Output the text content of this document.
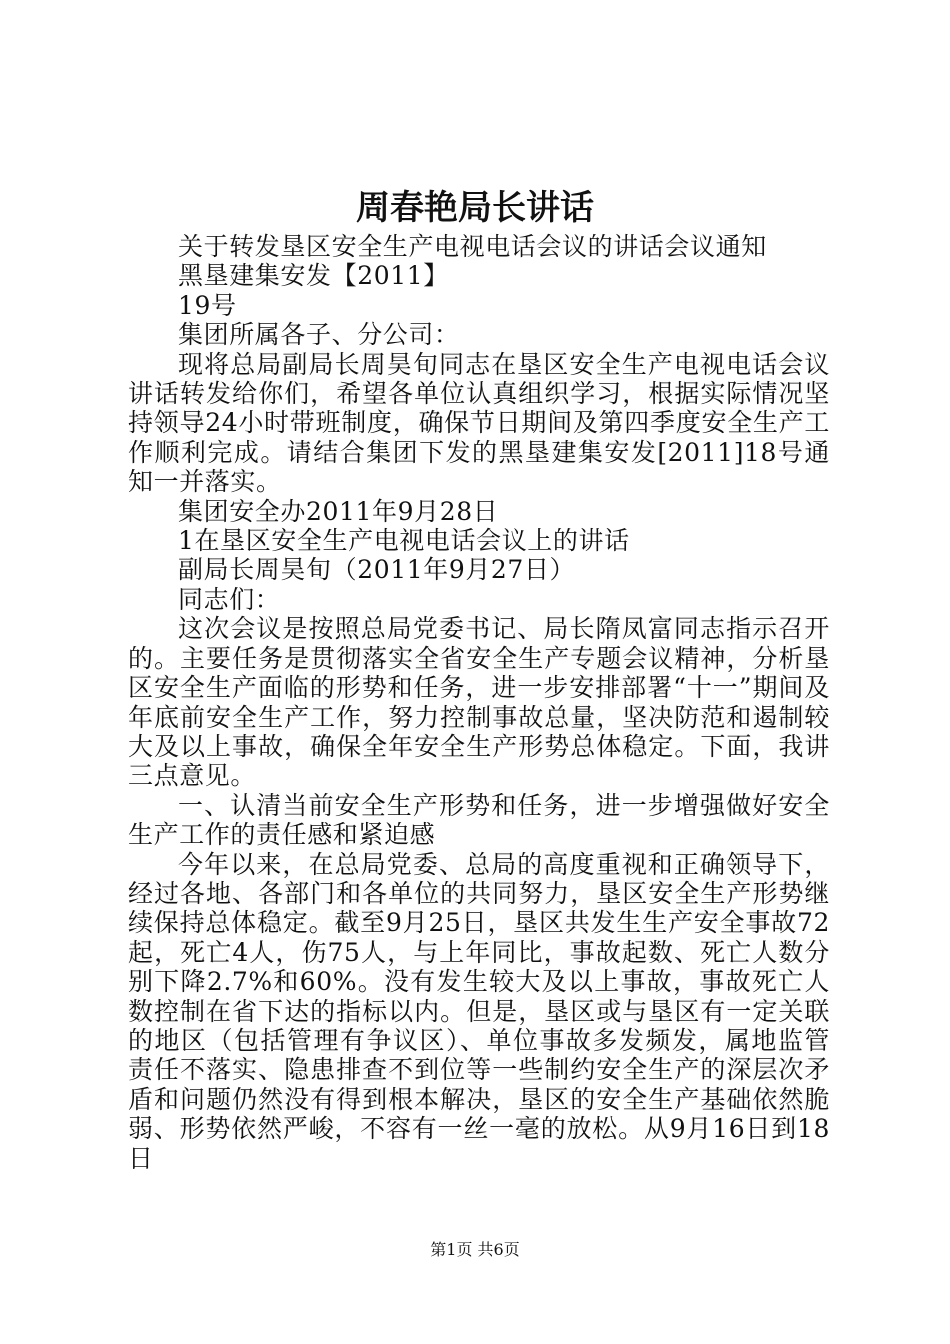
周春艳局长讲话

关于转发垦区安全生产电视电话会议的讲话会议通知

黑垦建集安发【2011】

19号

集团所属各子、分公司：

现将总局副局长周昊旬同志在垦区安全生产电视电话会议讲话转发给你们，希望各单位认真组织学习，根据实际情况坚持领导24小时带班制度，确保节日期间及第四季度安全生产工作顺利完成。请结合集团下发的黑垦建集安发[2011]18号通知一并落实。

集团安全办2011年9月28日

1在垦区安全生产电视电话会议上的讲话

副局长周昊旬（2011年9月27日）

同志们：

这次会议是按照总局党委书记、局长隋凤富同志指示召开的。主要任务是贯彻落实全省安全生产专题会议精神，分析垦区安全生产面临的形势和任务，进一步安排部署“十一”期间及年底前安全生产工作，努力控制事故总量，坚决防范和遏制较大及以上事故，确保全年安全生产形势总体稳定。下面，我讲三点意见。

一、认清当前安全生产形势和任务，进一步增强做好安全生产工作的责任感和紧迫感

今年以来，在总局党委、总局的高度重视和正确领导下，经过各地、各部门和各单位的共同努力，垦区安全生产形势继续保持总体稳定。截至9月25日，垦区共发生生产安全事故72起，死亡4人，伤75人，与上年同比，事故起数、死亡人数分别下降2.7%和60%。没有发生较大及以上事故，事故死亡人数控制在省下达的指标以内。但是，垦区或与垦区有一定关联的地区（包括管理有争议区）、单位事故多发频发，属地监管责任不落实、隐患排查不到位等一些制约安全生产的深层次矛盾和问题仍然没有得到根本解决，垦区的安全生产基础依然脆弱、形势依然严峻，不容有一丝一毫的放松。从9月16日到18日

第1页 共6页
